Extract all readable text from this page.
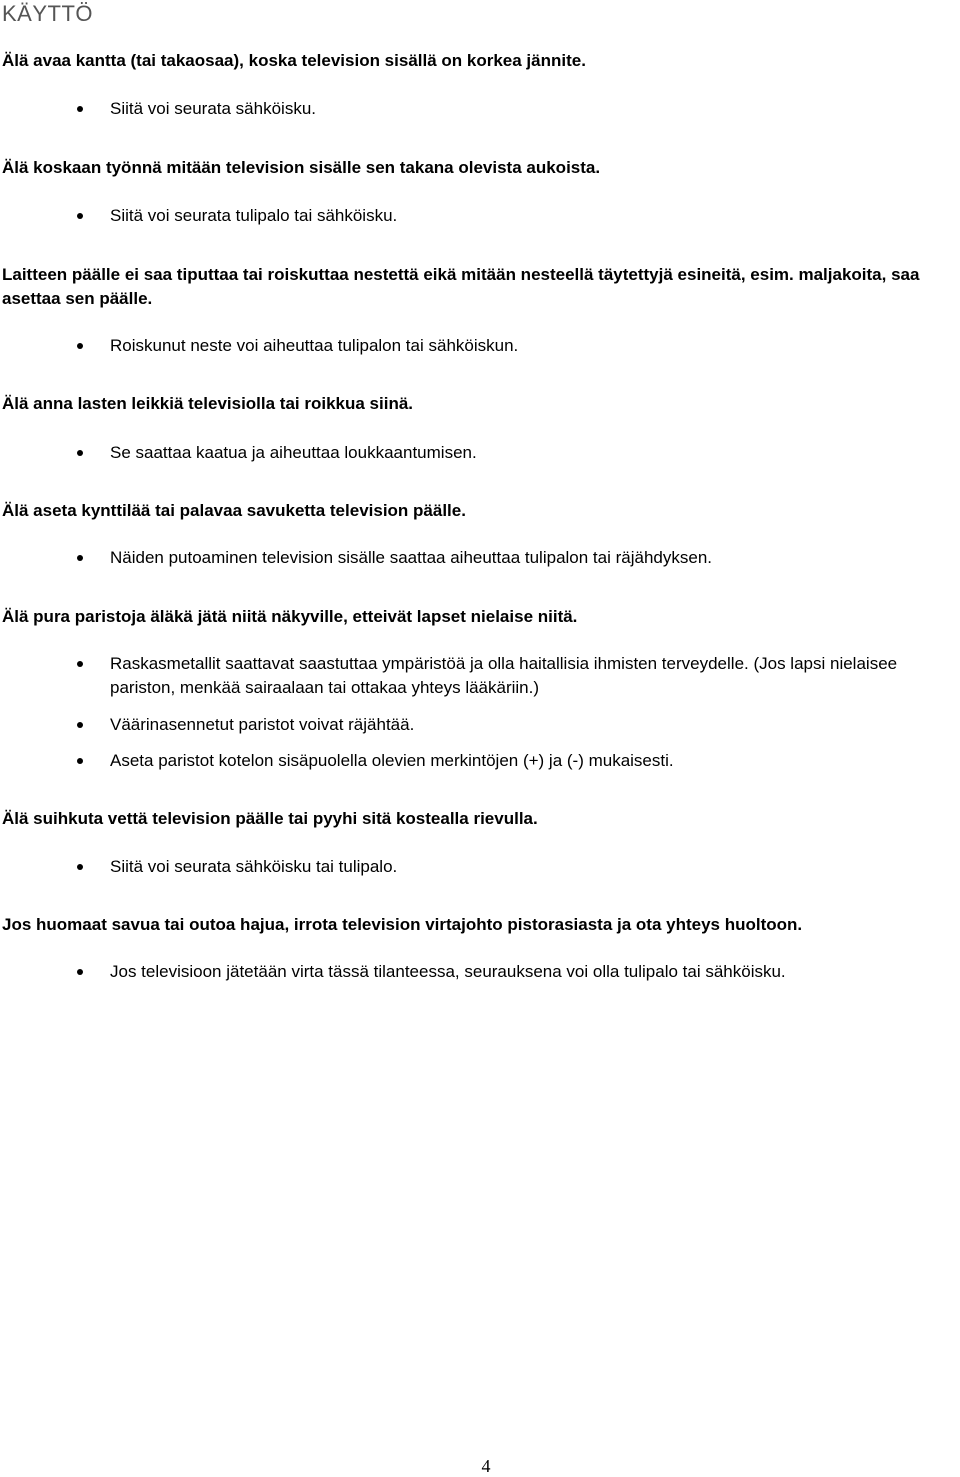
KÄYTTÖ
Älä avaa kantta (tai takaosaa), koska television sisällä on korkea jännite.
Siitä voi seurata sähköisku.
Älä koskaan työnnä mitään television sisälle sen takana olevista aukoista.
Siitä voi seurata tulipalo tai sähköisku.
Laitteen päälle ei saa tiputtaa tai roiskuttaa nestettä eikä mitään nesteellä täytettyjä esineitä, esim. maljakoita, saa asettaa sen päälle.
Roiskunut neste voi aiheuttaa tulipalon tai sähköiskun.
Älä anna lasten leikkiä televisiolla tai roikkua siinä.
Se saattaa kaatua ja aiheuttaa loukkaantumisen.
Älä aseta kynttilää tai palavaa savuketta television päälle.
Näiden putoaminen television sisälle saattaa aiheuttaa tulipalon tai räjähdyksen.
Älä pura paristoja äläkä jätä niitä näkyville, etteivät lapset nielaise niitä.
Raskasmetallit saattavat saastuttaa ympäristöä ja olla haitallisia ihmisten terveydelle. (Jos lapsi nielaisee pariston, menkää sairaalaan tai ottakaa yhteys lääkäriin.)
Väärinasennetut paristot voivat räjähtää.
Aseta paristot kotelon sisäpuolella olevien merkintöjen (+) ja (-) mukaisesti.
Älä suihkuta vettä television päälle tai pyyhi sitä kostealla rievulla.
Siitä voi seurata sähköisku tai tulipalo.
Jos huomaat savua tai outoa hajua, irrota television virtajohto pistorasiasta ja ota yhteys huoltoon.
Jos televisioon jätetään virta tässä tilanteessa, seurauksena voi olla tulipalo tai sähköisku.
4
